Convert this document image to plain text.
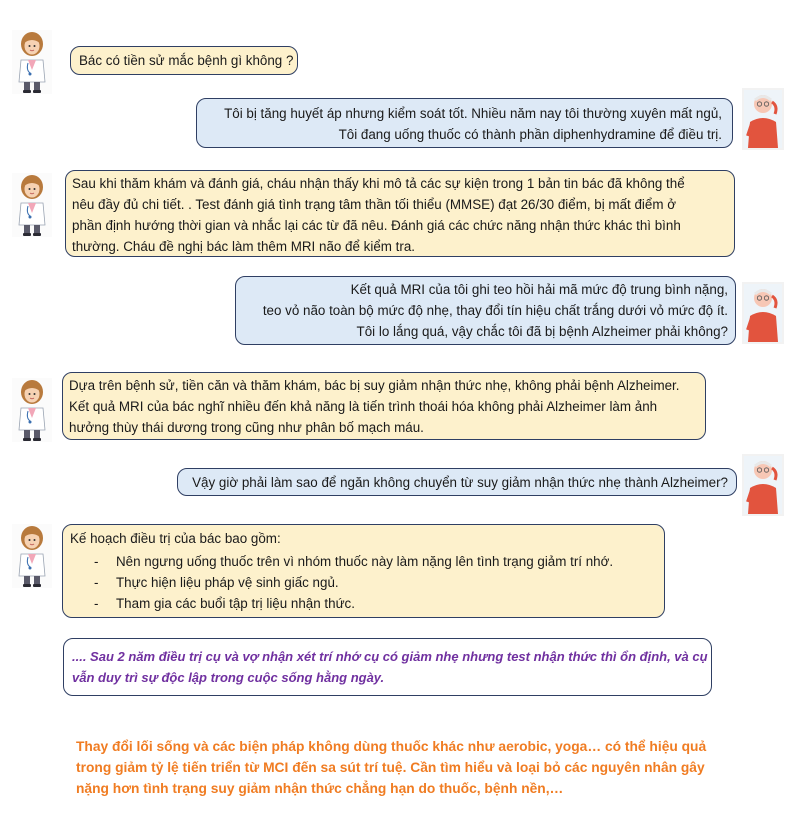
Bác có tiền sử mắc bệnh gì không ?
Tôi bị tăng huyết áp nhưng kiểm soát tốt. Nhiều năm nay tôi thường xuyên mất ngủ,
Tôi đang uống thuốc có thành phần diphenhydramine để điều trị.
Sau khi thăm khám và đánh giá, cháu nhận thấy khi mô tả các sự kiện trong 1 bản tin bác đã không thể
nêu đầy đủ chi tiết. . Test đánh giá tình trạng tâm thần tối thiểu (MMSE) đạt 26/30 điểm, bị mất điểm ở
phần định hướng thời gian và nhắc lại các từ đã nêu. Đánh giá các chức năng nhận thức khác thì bình
thường. Cháu đề nghị bác làm thêm MRI não để kiểm tra.
Kết quả MRI của tôi ghi teo hồi hải mã mức độ trung bình nặng,
teo vỏ não toàn bộ mức độ nhẹ, thay đổi tín hiệu chất trắng dưới vỏ mức độ ít.
Tôi lo lắng quá, vậy chắc tôi đã bị bệnh Alzheimer phải không?
Dựa trên bệnh sử, tiền căn và thăm khám, bác bị suy giảm nhận thức nhẹ, không phải bệnh Alzheimer.
Kết quả MRI của bác nghĩ nhiều đến khả năng là tiến trình thoái hóa không phải Alzheimer làm ảnh
hưởng thùy thái dương trong cũng như phân bố mạch máu.
Vậy giờ phải làm sao để ngăn không chuyển từ suy giảm nhận thức nhẹ thành Alzheimer?
Kế hoạch điều trị của bác bao gồm:
- Nên ngưng uống thuốc trên vì nhóm thuốc này làm nặng lên tình trạng giảm trí nhớ.
- Thực hiện liệu pháp vệ sinh giấc ngủ.
- Tham gia các buổi tập trị liệu nhận thức.
.... Sau 2 năm điều trị cụ và vợ nhận xét trí nhớ cụ có giảm nhẹ nhưng test nhận thức thì ổn định, và cụ
vẫn duy trì sự độc lập trong cuộc sống hằng ngày.
Thay đổi lối sống và các biện pháp không dùng thuốc khác như aerobic, yoga… có thể hiệu quả trong giảm tỷ lệ tiến triển từ MCI đến sa sút trí tuệ. Cần tìm hiểu và loại bỏ các nguyên nhân gây nặng hơn tình trạng suy giảm nhận thức chẳng hạn do thuốc, bệnh nền,…
